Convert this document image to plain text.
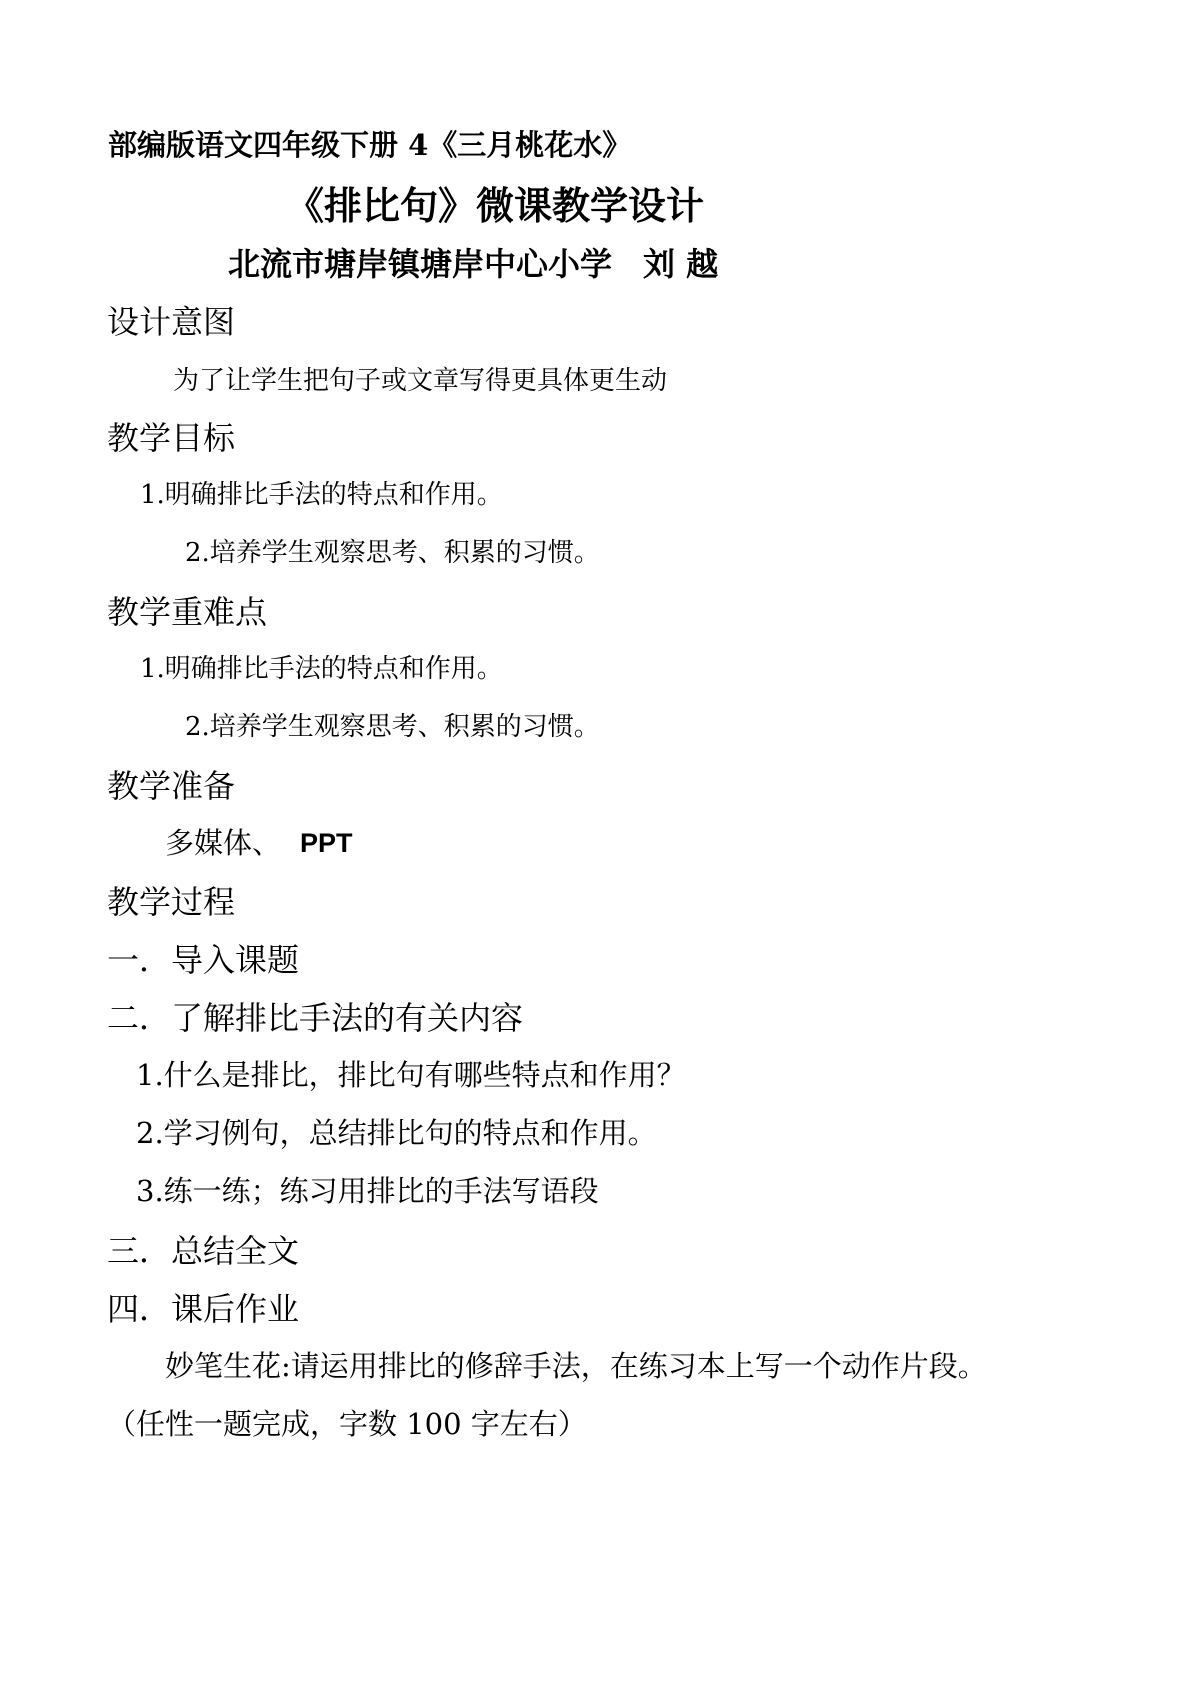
部编版语文四年级下册 4《三月桃花水》
《排比句》微课教学设计
北流市塘岸镇塘岸中心小学 刘 越
设计意图
为了让学生把句子或文章写得更具体更生动
教学目标
1.明确排比手法的特点和作用。
2.培养学生观察思考、积累的习惯。
教学重难点
1.明确排比手法的特点和作用。
2.培养学生观察思考、积累的习惯。
教学准备
多媒体、 PPT
教学过程
一．导入课题
二．了解排比手法的有关内容
1.什么是排比，排比句有哪些特点和作用？
2.学习例句，总结排比句的特点和作用。
3.练一练；练习用排比的手法写语段
三．总结全文
四．课后作业
妙笔生花:请运用排比的修辞手法，在练习本上写一个动作片段。
（任性一题完成，字数 100 字左右）
